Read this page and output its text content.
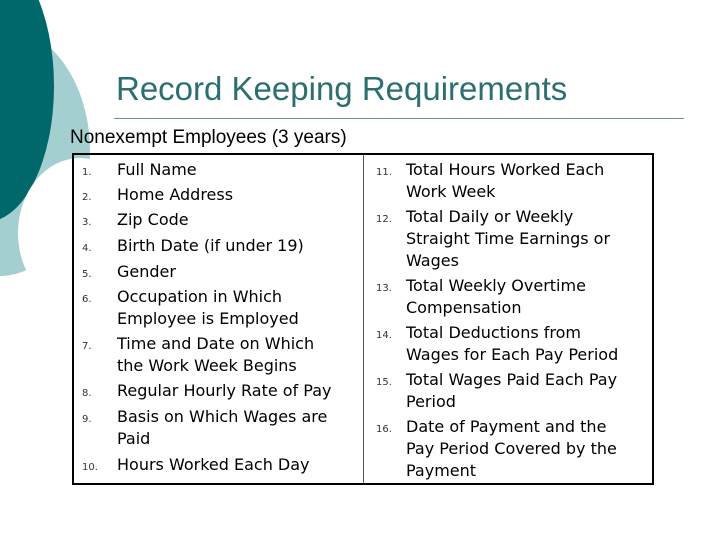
Record Keeping Requirements
Nonexempt Employees (3 years)
1. Full Name
2. Home Address
3. Zip Code
4. Birth Date (if under 19)
5. Gender
6. Occupation in Which
Employee is Employed
7. Time and Date on Which
the Work Week Begins
8. Regular Hourly Rate of Pay
9. Basis on Which Wages are
Paid
10. Hours Worked Each Day
11. Total Hours Worked Each
Work Week
12. Total Daily or Weekly
Straight Time Earnings or
Wages
13. Total Weekly Overtime
Compensation
14. Total Deductions from
Wages for Each Pay Period
15. Total Wages Paid Each Pay
Period
16. Date of Payment and the
Pay Period Covered by the
Payment
